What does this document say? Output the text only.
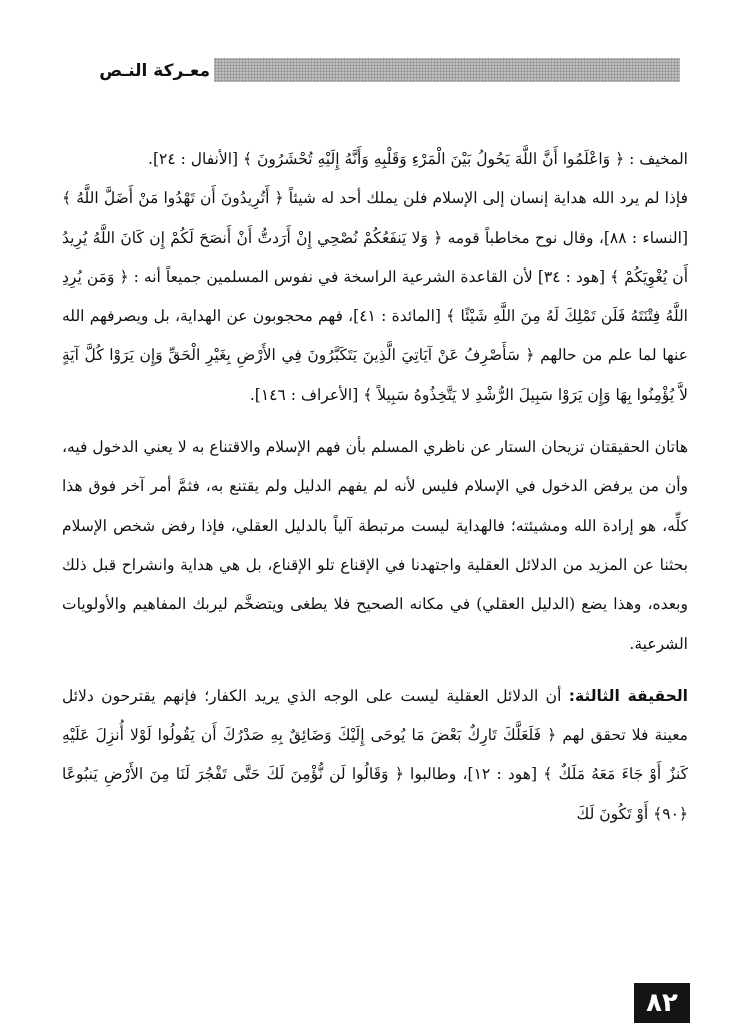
معـركة النـص

المخيف : ﴿ وَاعْلَمُوا أَنَّ اللَّهَ يَحُولُ بَيْنَ الْمَرْءِ وَقَلْبِهِ وَأَنَّهُ إِلَيْهِ تُحْشَرُونَ ﴾ [الأنفال : ٢٤].

فإذا لم يرد الله هداية إنسان إلى الإسلام فلن يملك أحد له شيئاً ﴿ أَتُرِيدُونَ أَن تَهْدُوا مَنْ أَضَلَّ اللَّهُ ﴾ [النساء : ٨٨]، وقال نوح مخاطباً قومه ﴿ وَلا يَنفَعُكُمْ نُصْحِي إِنْ أَرَدتُّ أَنْ أَنصَحَ لَكُمْ إِن كَانَ اللَّهُ يُرِيدُ أَن يُغْوِيَكُمْ ﴾ [هود : ٣٤] لأن القاعدة الشرعية الراسخة في نفوس المسلمين جميعاً أنه : ﴿ وَمَن يُرِدِ اللَّهُ فِتْنَتَهُ فَلَن تَمْلِكَ لَهُ مِنَ اللَّهِ شَيْئًا ﴾ [المائدة : ٤١]، فهم محجوبون عن الهداية، بل ويصرفهم الله عنها لما علم من حالهم ﴿ سَأَصْرِفُ عَنْ آيَاتِيَ الَّذِينَ يَتَكَبَّرُونَ فِي الأَرْضِ بِغَيْرِ الْحَقِّ وَإِن يَرَوْا كُلَّ آيَةٍ لاَّ يُؤْمِنُوا بِهَا وَإِن يَرَوْا سَبِيلَ الرُّشْدِ لا يَتَّخِذُوهُ سَبِيلاً ﴾ [الأعراف : ١٤٦].

هاتان الحقيقتان تزيحان الستار عن ناظري المسلم بأن فهم الإسلام والاقتناع به لا يعني الدخول فيه، وأن من يرفض الدخول في الإسلام فليس لأنه لم يفهم الدليل ولم يقتنع به، فثمَّ أمر آخر فوق هذا كلِّه، هو إرادة الله ومشيئته؛ فالهداية ليست مرتبطة آلياً بالدليل العقلي، فإذا رفض شخص الإسلام بحثنا عن المزيد من الدلائل العقلية واجتهدنا في الإقناع تلو الإقناع، بل هي هداية وانشراح قبل ذلك وبعده، وهذا يضع (الدليل العقلي) في مكانه الصحيح فلا يطغى ويتضخَّم ليربك المفاهيم والأولويات الشرعية.

الحقيقة الثالثة: أن الدلائل العقلية ليست على الوجه الذي يريد الكفار؛ فإنهم يقترحون دلائل معينة فلا تحقق لهم ﴿ فَلَعَلَّكَ تَارِكٌ بَعْضَ مَا يُوحَى إِلَيْكَ وَضَائِقٌ بِهِ صَدْرُكَ أَن يَقُولُوا لَوْلا أُنزِلَ عَلَيْهِ كَنزٌ أَوْ جَاءَ مَعَهُ مَلَكٌ ﴾ [هود : ١٢]، وطالبوا ﴿ وَقَالُوا لَن نُّؤْمِنَ لَكَ حَتَّى تَفْجُرَ لَنَا مِنَ الأَرْضِ يَنبُوعًا ﴿٩٠﴾ أَوْ تَكُونَ لَكَ

٨٢
